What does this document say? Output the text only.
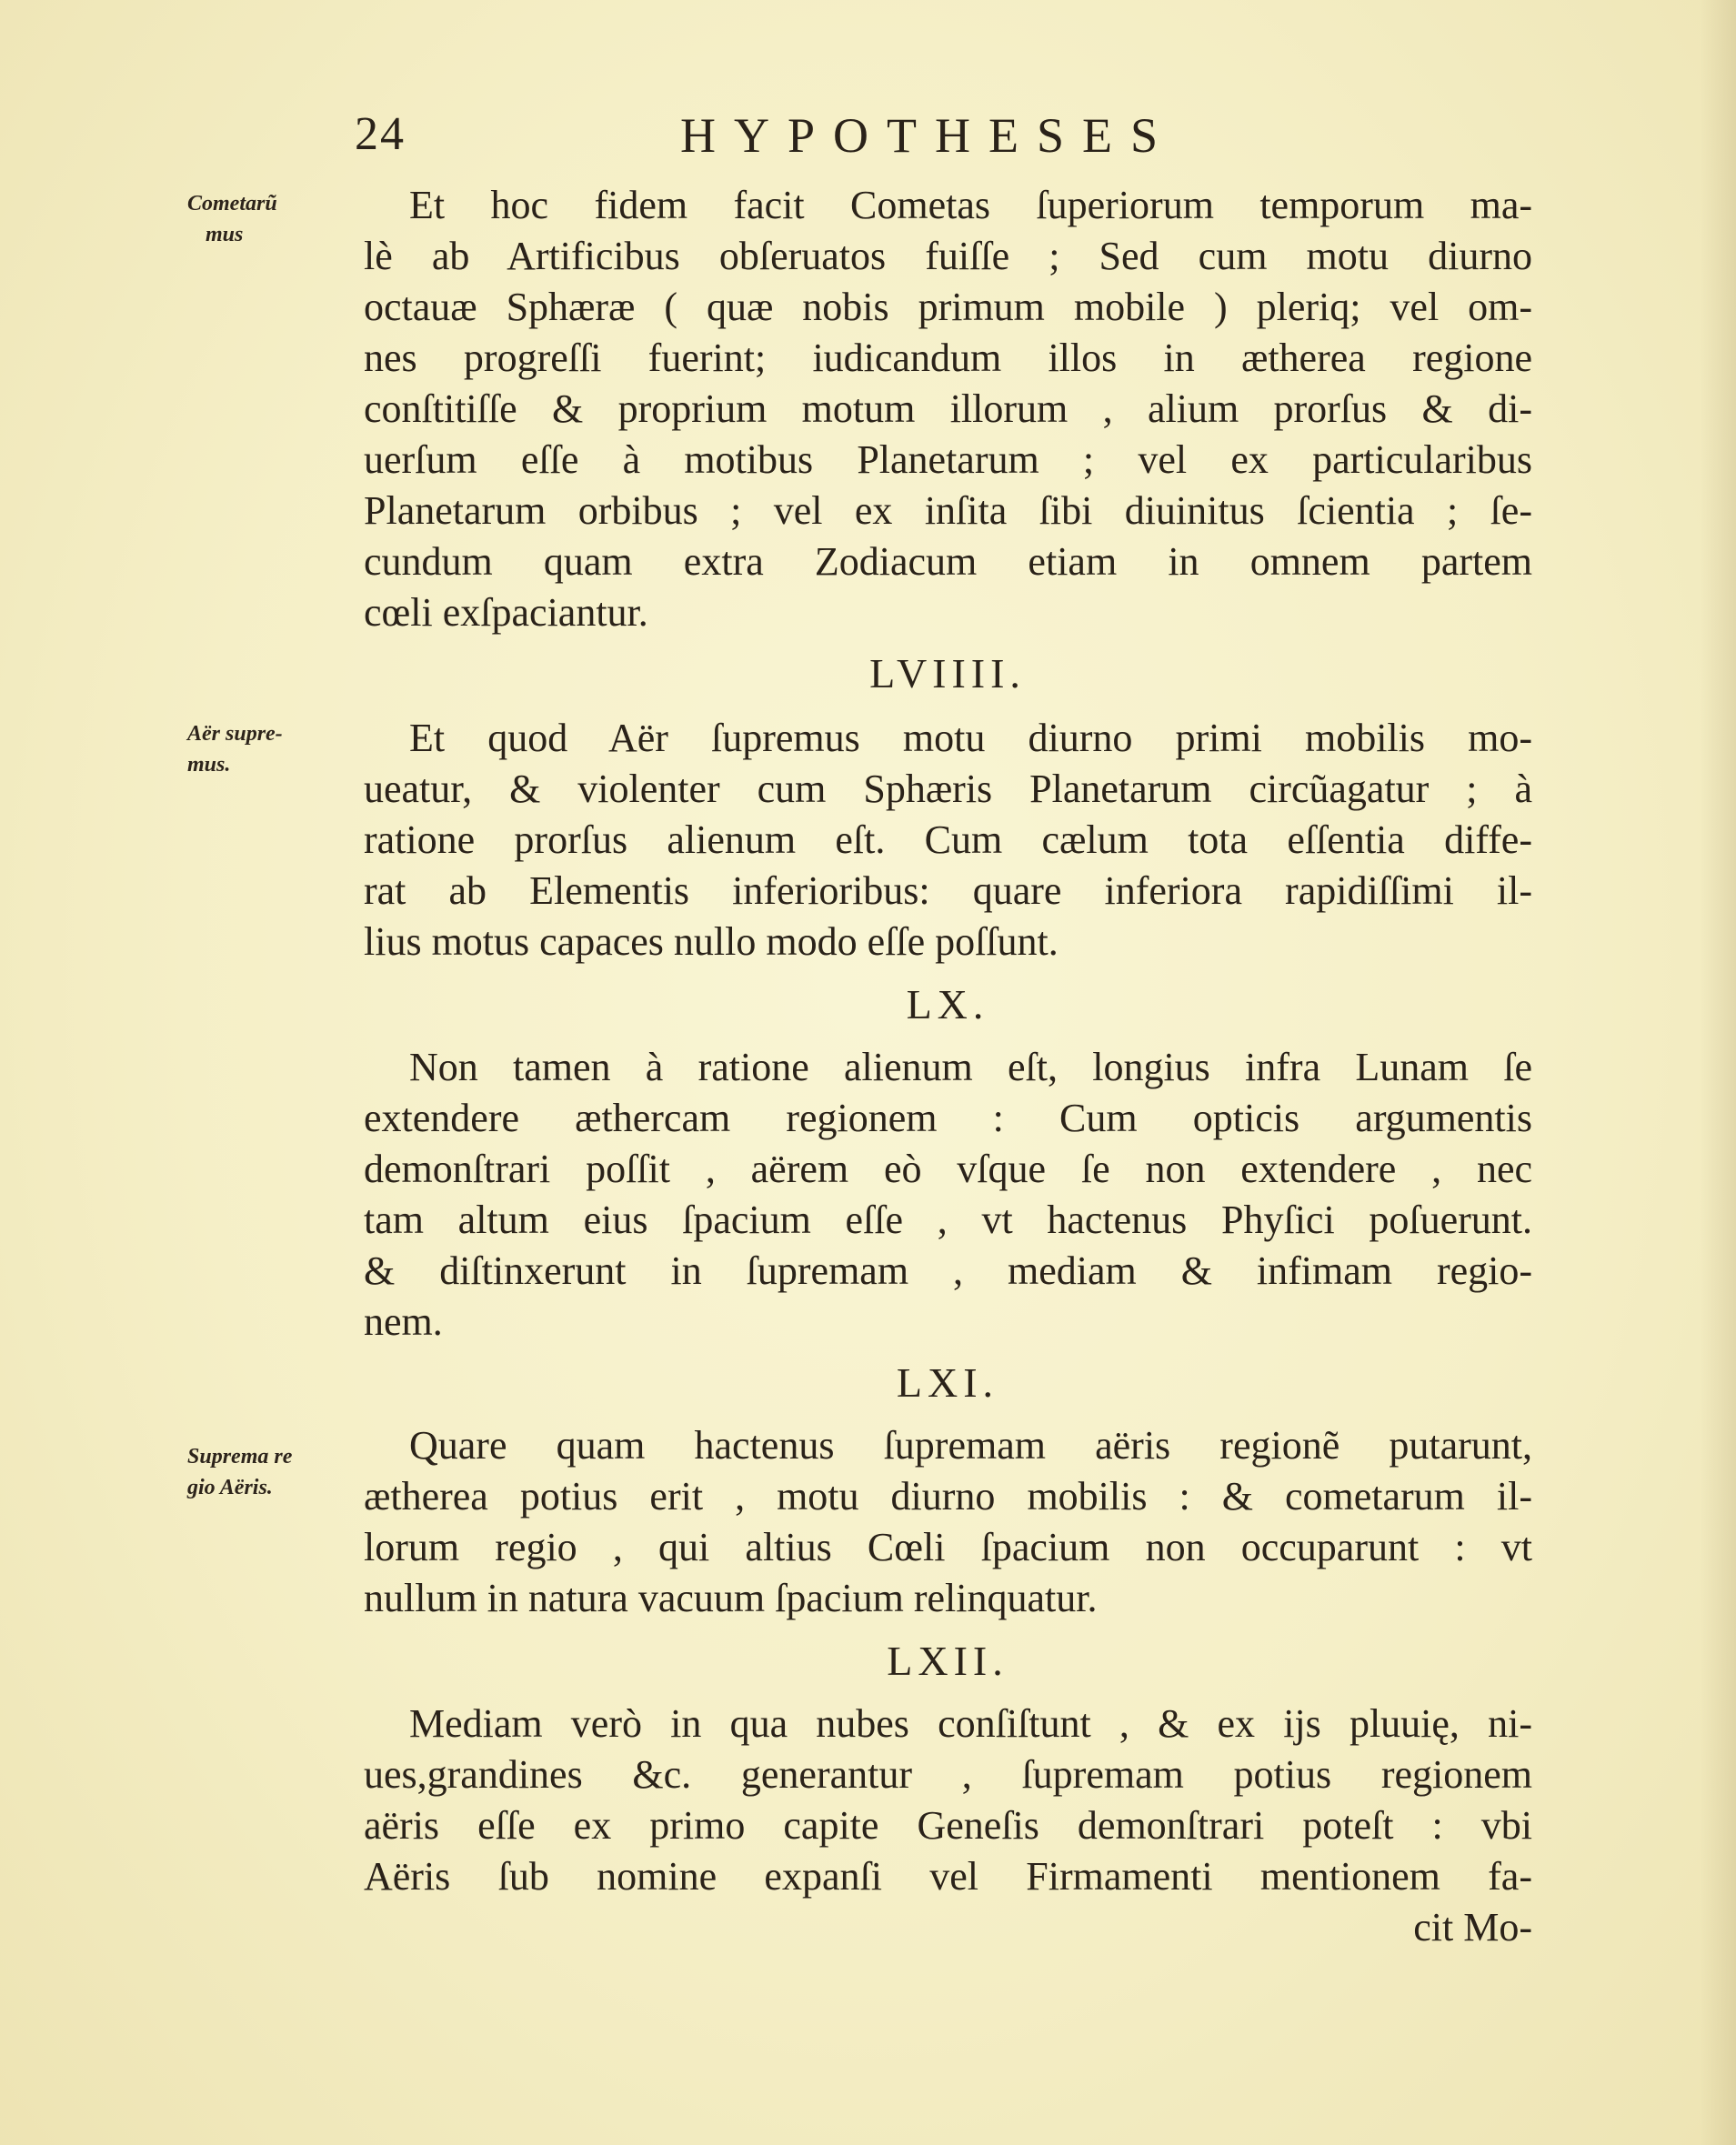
24	HYPOTHESES
Cometarũ
mus
Aër supre-
mus.
Suprema re
gio Aëris.
Et hoc fidem facit Cometas ſuperiorum temporum ma-
lè ab Artificibus obſeruatos fuiſſe ; Sed cum motu diurno
octauæ Sphæræ ( quæ nobis primum mobile ) pleriq; vel om-
nes progreſſi fuerint; iudicandum illos in ætherea regione
conſtitiſſe & proprium motum illorum , alium prorſus & di-
uerſum eſſe à motibus Planetarum ; vel ex particularibus
Planetarum orbibus ; vel ex inſita ſibi diuinitus ſcientia ; ſe-
cundum quam extra Zodiacum etiam in omnem partem
cœli exſpaciantur.
LVIIII.
Et quod Aër ſupremus motu diurno primi mobilis mo-
ueatur, & violenter cum Sphæris Planetarum circũagatur ; à
ratione prorſus alienum eſt. Cum cælum tota eſſentia diffe-
rat ab Elementis inferioribus: quare inferiora rapidiſſimi il-
lius motus capaces nullo modo eſſe poſſunt.
LX.
Non tamen à ratione alienum eſt, longius infra Lunam ſe
extendere æthercam regionem : Cum opticis argumentis
demonſtrari poſſit , aërem eò vſque ſe non extendere , nec
tam altum eius ſpacium eſſe , vt hactenus Phyſici poſuerunt.
& diſtinxerunt in ſupremam , mediam & infimam regio-
nem.
LXI.
Quare quam hactenus ſupremam aëris regionẽ putarunt,
ætherea potius erit , motu diurno mobilis : & cometarum il-
lorum regio , qui altius Cœli ſpacium non occuparunt : vt
nullum in natura vacuum ſpacium relinquatur.
LXII.
Mediam verò in qua nubes conſiſtunt , & ex ijs pluuię, ni-
ues,grandines &c. generantur , ſupremam potius regionem
aëris eſſe ex primo capite Geneſis demonſtrari poteſt : vbi
Aëris ſub nomine expanſi vel Firmamenti mentionem fa-
cit Mo-
